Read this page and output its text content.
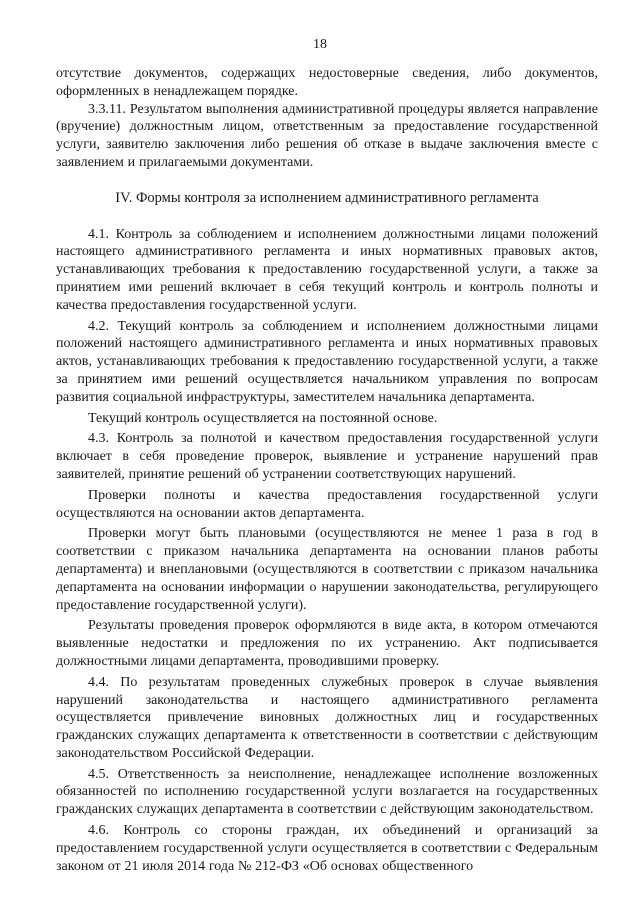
18

отсутствие документов, содержащих недостоверные сведения, либо документов, оформленных в ненадлежащем порядке.

3.3.11. Результатом выполнения административной процедуры является направление (вручение) должностным лицом, ответственным за предоставление государственной услуги, заявителю заключения либо решения об отказе в выдаче заключения вместе с заявлением и прилагаемыми документами.

IV. Формы контроля за исполнением административного регламента

4.1. Контроль за соблюдением и исполнением должностными лицами положений настоящего административного регламента и иных нормативных правовых актов, устанавливающих требования к предоставлению государственной услуги, а также за принятием ими решений включает в себя текущий контроль и контроль полноты и качества предоставления государственной услуги.

4.2. Текущий контроль за соблюдением и исполнением должностными лицами положений настоящего административного регламента и иных нормативных правовых актов, устанавливающих требования к предоставлению государственной услуги, а также за принятием ими решений осуществляется начальником управления по вопросам развития социальной инфраструктуры, заместителем начальника департамента.

Текущий контроль осуществляется на постоянной основе.

4.3. Контроль за полнотой и качеством предоставления государственной услуги включает в себя проведение проверок, выявление и устранение нарушений прав заявителей, принятие решений об устранении соответствующих нарушений.

Проверки полноты и качества предоставления государственной услуги осуществляются на основании актов департамента.

Проверки могут быть плановыми (осуществляются не менее 1 раза в год в соответствии с приказом начальника департамента на основании планов работы департамента) и внеплановыми (осуществляются в соответствии с приказом начальника департамента на основании информации о нарушении законодательства, регулирующего предоставление государственной услуги).

Результаты проведения проверок оформляются в виде акта, в котором отмечаются выявленные недостатки и предложения по их устранению. Акт подписывается должностными лицами департамента, проводившими проверку.

4.4. По результатам проведенных служебных проверок в случае выявления нарушений законодательства и настоящего административного регламента осуществляется привлечение виновных должностных лиц и государственных гражданских служащих департамента к ответственности в соответствии с действующим законодательством Российской Федерации.

4.5. Ответственность за неисполнение, ненадлежащее исполнение возложенных обязанностей по исполнению государственной услуги возлагается на государственных гражданских служащих департамента в соответствии с действующим законодательством.

4.6. Контроль со стороны граждан, их объединений и организаций за предоставлением государственной услуги осуществляется в соответствии с Федеральным законом от 21 июля 2014 года № 212-ФЗ «Об основах общественного
